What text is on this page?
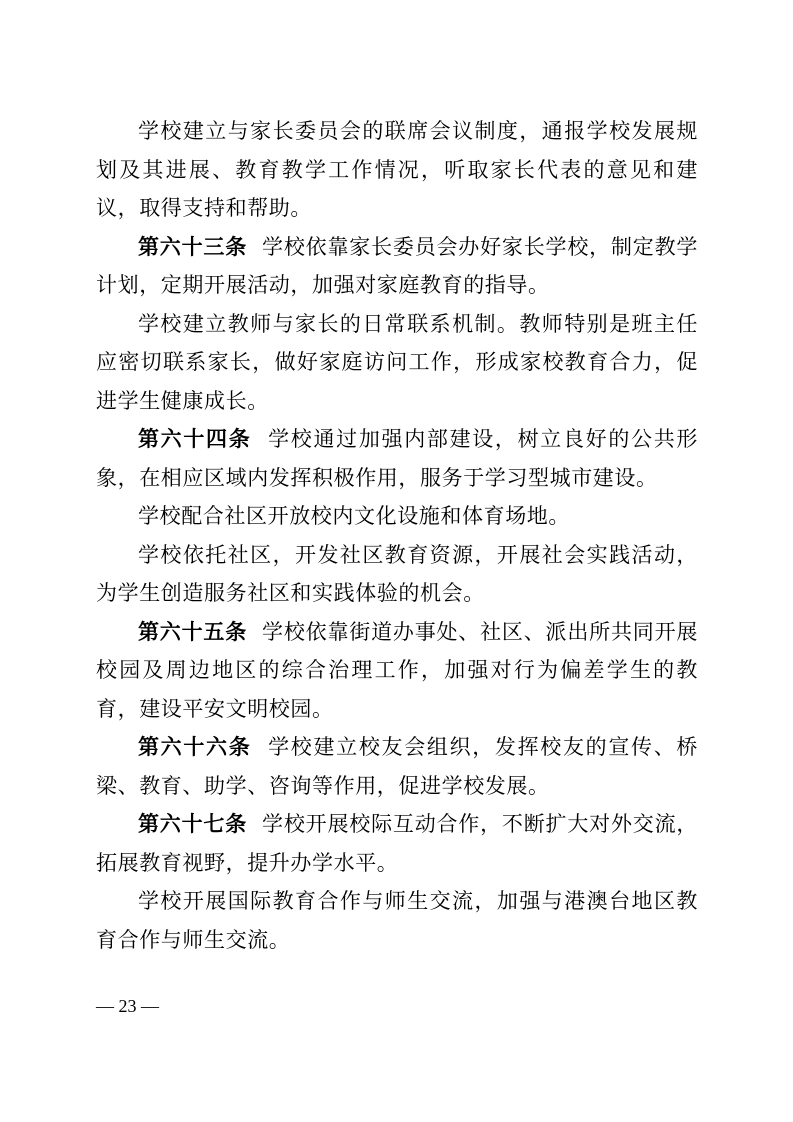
学校建立与家长委员会的联席会议制度，通报学校发展规划及其进展、教育教学工作情况，听取家长代表的意见和建议，取得支持和帮助。

第六十三条 学校依靠家长委员会办好家长学校，制定教学计划，定期开展活动，加强对家庭教育的指导。

学校建立教师与家长的日常联系机制。教师特别是班主任应密切联系家长，做好家庭访问工作，形成家校教育合力，促进学生健康成长。

第六十四条 学校通过加强内部建设，树立良好的公共形象，在相应区域内发挥积极作用，服务于学习型城市建设。

学校配合社区开放校内文化设施和体育场地。

学校依托社区，开发社区教育资源，开展社会实践活动，为学生创造服务社区和实践体验的机会。

第六十五条 学校依靠街道办事处、社区、派出所共同开展校园及周边地区的综合治理工作，加强对行为偏差学生的教育，建设平安文明校园。

第六十六条 学校建立校友会组织，发挥校友的宣传、桥梁、教育、助学、咨询等作用，促进学校发展。

第六十七条 学校开展校际互动合作，不断扩大对外交流，拓展教育视野，提升办学水平。

学校开展国际教育合作与师生交流，加强与港澳台地区教育合作与师生交流。

— 23 —
